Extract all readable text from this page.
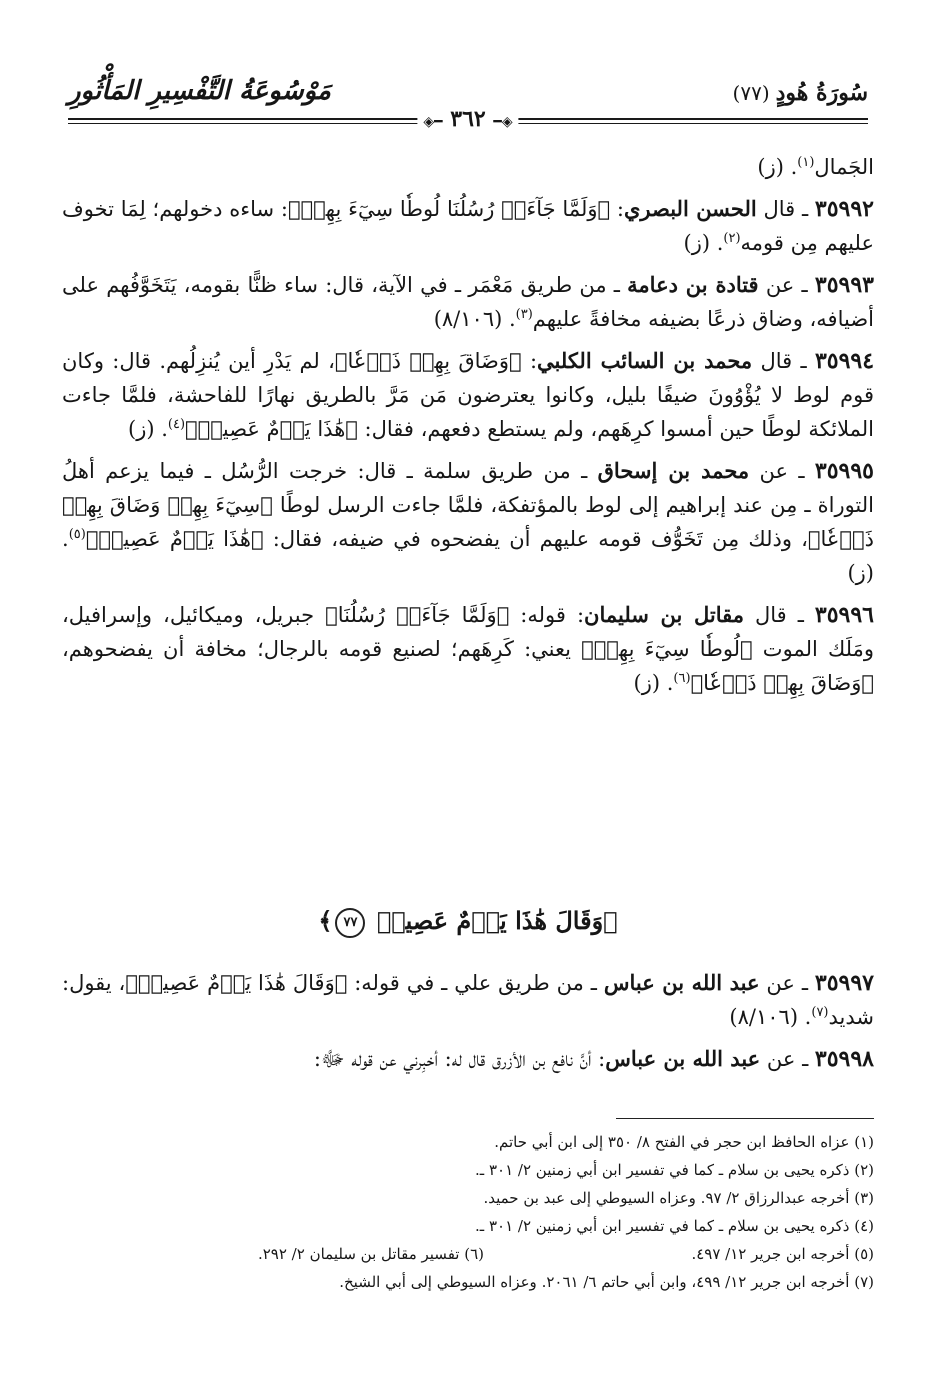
سُورَةُ هُودٍ(٧٧)
مَوْسُوعَةُ التَّفْسِيرِ المَأْثُورِ
◈━ ٣٦٢ ━◈

الجَمال$^{(١)}$. (ز)

٣٥٩٩٢ ـ قال الحسن البصري: ﴿وَلَمَّا جَآءَتۡ رُسُلُنَا لُوطٗا سِيٓءَ بِهِمۡ﴾: ساءه دخولهم؛ لِمَا تخوف عليهم مِن قومه$^{(٢)}$. (ز)

٣٥٩٩٣ ـ عن قتادة بن دعامة ـ من طريق مَعْمَر ـ في الآية، قال: ساء ظنًّا بقومه، يَتَخَوَّفُهم على أضيافه، وضاق ذرعًا بضيفه مخافةً عليهم$^{(٣)}$. (٨/١٠٦)

٣٥٩٩٤ ـ قال محمد بن السائب الكلبي: ﴿وَضَاقَ بِهِمۡ ذَرۡعٗا﴾، لم يَدْرِ أين يُنزِلُهم. قال: وكان قوم لوط لا يُؤْوُونَ ضيفًا بليل، وكانوا يعترضون مَن مَرَّ بالطريق نهارًا للفاحشة، فلمَّا جاءت الملائكة لوطًا حين أمسوا كرِهَهم، ولم يستطع دفعهم، فقال: ﴿هَٰذَا يَوۡمٌ عَصِيبٞ﴾$^{(٤)}$. (ز)

٣٥٩٩٥ ـ عن محمد بن إسحاق ـ من طريق سلمة ـ قال: خرجت الرُّسُل ـ فيما يزعم أهلُ التوراة ـ مِن عند إبراهيم إلى لوط بالمؤتفكة، فلمَّا جاءت الرسل لوطًا ﴿سِيٓءَ بِهِمۡ وَضَاقَ بِهِمۡ ذَرۡعٗا﴾، وذلك مِن تَخَوُّف قومه عليهم أن يفضحوه في ضيفه، فقال: ﴿هَٰذَا يَوۡمٌ عَصِيبٞ﴾$^{(٥)}$. (ز)

٣٥٩٩٦ ـ قال مقاتل بن سليمان: قوله: ﴿وَلَمَّا جَآءَتۡ رُسُلُنَا﴾ جبريل، وميكائيل، وإسرافيل، ومَلَك الموت ﴿لُوطٗا سِيٓءَ بِهِمۡ﴾ يعني: كَرِهَهم؛ لصنيع قومه بالرجال؛ مخافة أن يفضحوهم، ﴿وَضَاقَ بِهِمۡ ذَرۡعٗا﴾$^{(٦)}$. (ز)

﴿وَقَالَ هَٰذَا يَوۡمٌ عَصِيبٞ ٧٧﴾

٣٥٩٩٧ ـ عن عبد الله بن عباس ـ من طريق علي ـ في قوله: ﴿وَقَالَ هَٰذَا يَوۡمٌ عَصِيبٞ﴾، يقول: شديد$^{(٧)}$. (٨/١٠٦)

٣٥٩٩٨ ـ عن عبد الله بن عباس: أنَّ نافع بن الأزرق قال له: أخبِرني عن قوله ﷻ:

(١) عزاه الحافظ ابن حجر في الفتح ٨/ ٣٥٠ إلى ابن أبي حاتم.
(٢) ذكره يحيى بن سلام ـ كما في تفسير ابن أبي زمنين ٢/ ٣٠١ ـ.
(٣) أخرجه عبدالرزاق ٢/ ٩٧. وعزاه السيوطي إلى عبد بن حميد.
(٤) ذكره يحيى بن سلام ـ كما في تفسير ابن أبي زمنين ٢/ ٣٠١ ـ.
(٥) أخرجه ابن جرير ١٢/ ٤٩٧.
(٦) تفسير مقاتل بن سليمان ٢/ ٢٩٢.
(٧) أخرجه ابن جرير ١٢/ ٤٩٩، وابن أبي حاتم ٦/ ٢٠٦١. وعزاه السيوطي إلى أبي الشيخ.
